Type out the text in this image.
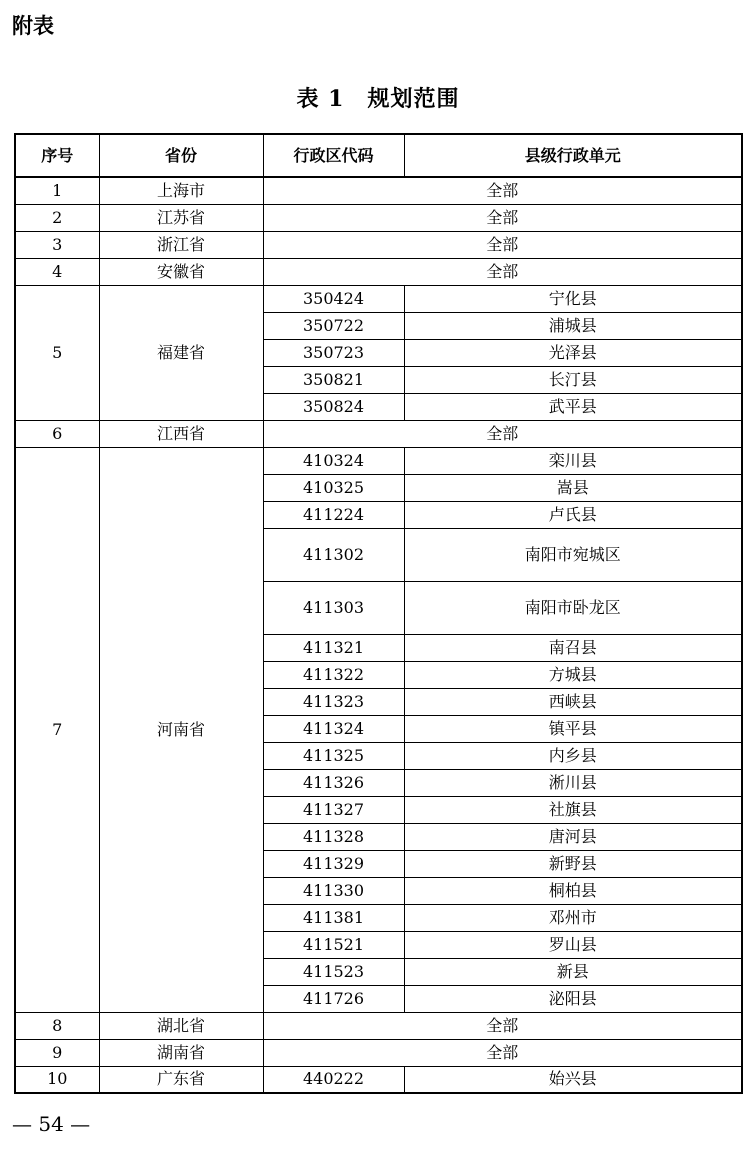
附表
表 1　规划范围
序号	省份	行政区代码	县级行政单元
1	上海市	全部	
2	江苏省	全部	
3	浙江省	全部	
4	安徽省	全部	
5	福建省	350424	宁化县
		350722	浦城县
		350723	光泽县
		350821	长汀县
		350824	武平县
6	江西省	全部	
7	河南省	410324	栾川县
		410325	嵩县
		411224	卢氏县
		411302	南阳市宛城区
		411303	南阳市卧龙区
		411321	南召县
		411322	方城县
		411323	西峡县
		411324	镇平县
		411325	内乡县
		411326	淅川县
		411327	社旗县
		411328	唐河县
		411329	新野县
		411330	桐柏县
		411381	邓州市
		411521	罗山县
		411523	新县
		411726	泌阳县
8	湖北省	全部	
9	湖南省	全部	
10	广东省	440222	始兴县

— 54 —
